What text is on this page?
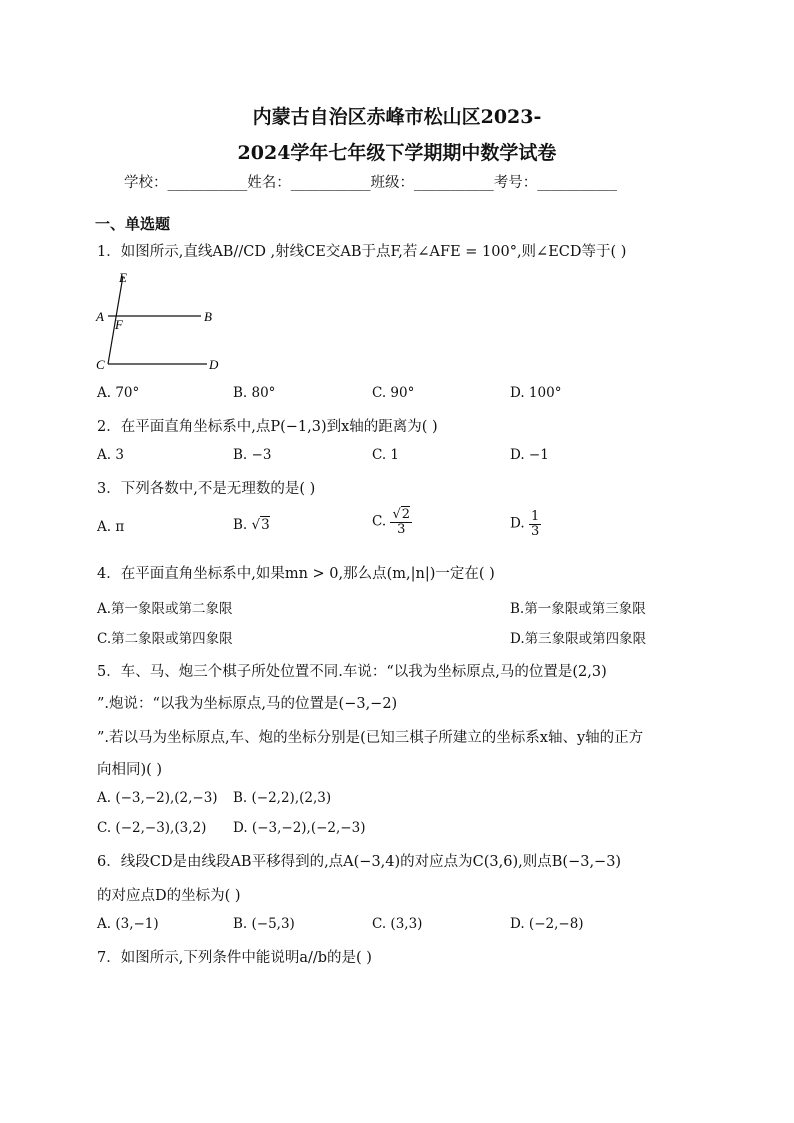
内蒙古自治区赤峰市松山区2023-
2024学年七年级下学期期中数学试卷
学校：___________姓名：___________班级：___________考号：___________
一、单选题
1．如图所示,直线AB//CD ,射线CE交AB于点F,若∠AFE = 100°,则∠ECD等于( )
E
A
F
B
C	D
A. 70°	B. 80°	C. 90°	D. 100°
2．在平面直角坐标系中,点P(−1,3)到x轴的距离为( )
A. 3	B. −3	C. 1	D. −1
3．下列各数中,不是无理数的是( )
A. π	B. √3	C. $\frac{√2}{3}$	D. $\frac{1}{3}$
4．在平面直角坐标系中,如果mn > 0,那么点(m,|n|)一定在( )
A.第一象限或第二象限	B.第一象限或第三象限
C.第二象限或第四象限	D.第三象限或第四象限
5．车、马、炮三个棋子所处位置不同.车说：“以我为坐标原点,马的位置是(2,3)
”.炮说：“以我为坐标原点,马的位置是(−3,−2)
”.若以马为坐标原点,车、炮的坐标分别是(已知三棋子所建立的坐标系x轴、y轴的正方
向相同)( )
A. (−3,−2),(2,−3) B. (−2,2),(2,3)
C. (−2,−3),(3,2) D. (−3,−2),(−2,−3)
6．线段CD是由线段AB平移得到的,点A(−3,4)的对应点为C(3,6),则点B(−3,−3)
的对应点D的坐标为( )
A. (3,−1)	B. (−5,3)	C. (3,3)	D. (−2,−8)
7．如图所示,下列条件中能说明a//b的是( )
